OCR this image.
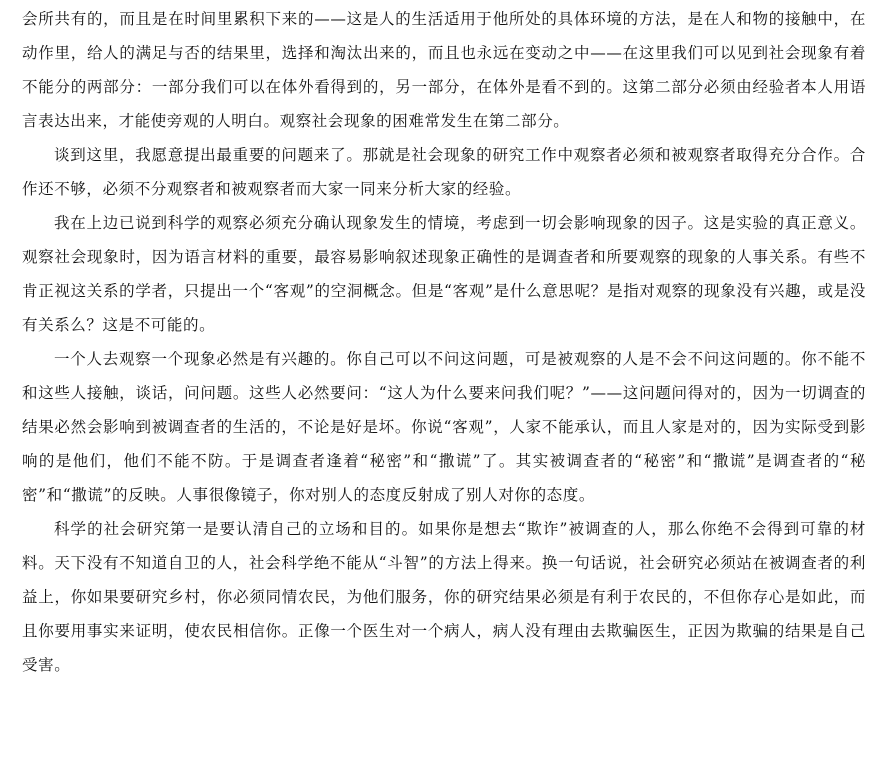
会所共有的，而且是在时间里累积下来的——这是人的生活适用于他所处的具体环境的方法，是在人和物的接触中，在动作里，给人的满足与否的结果里，选择和淘汰出来的，而且也永远在变动之中——在这里我们可以见到社会现象有着不能分的两部分：一部分我们可以在体外看得到的，另一部分，在体外是看不到的。这第二部分必须由经验者本人用语言表达出来，才能使旁观的人明白。观察社会现象的困难常发生在第二部分。

谈到这里，我愿意提出最重要的问题来了。那就是社会现象的研究工作中观察者必须和被观察者取得充分合作。合作还不够，必须不分观察者和被观察者而大家一同来分析大家的经验。

我在上边已说到科学的观察必须充分确认现象发生的情境，考虑到一切会影响现象的因子。这是实验的真正意义。观察社会现象时，因为语言材料的重要，最容易影响叙述现象正确性的是调查者和所要观察的现象的人事关系。有些不肯正视这关系的学者，只提出一个“客观”的空洞概念。但是“客观”是什么意思呢？是指对观察的现象没有兴趣，或是没有关系么？这是不可能的。

一个人去观察一个现象必然是有兴趣的。你自己可以不问这问题，可是被观察的人是不会不问这问题的。你不能不和这些人接触，谈话，问问题。这些人必然要问：“这人为什么要来问我们呢？”——这问题问得对的，因为一切调查的结果必然会影响到被调查者的生活的，不论是好是坏。你说“客观”，人家不能承认，而且人家是对的，因为实际受到影响的是他们，他们不能不防。于是调查者逢着“秘密”和“撒谎”了。其实被调查者的“秘密”和“撒谎”是调查者的“秘密”和“撒谎”的反映。人事很像镜子，你对别人的态度反射成了别人对你的态度。

科学的社会研究第一是要认清自己的立场和目的。如果你是想去“欺诈”被调查的人，那么你绝不会得到可靠的材料。天下没有不知道自卫的人，社会科学绝不能从“斗智”的方法上得来。换一句话说，社会研究必须站在被调查者的利益上，你如果要研究乡村，你必须同情农民，为他们服务，你的研究结果必须是有利于农民的，不但你存心是如此，而且你要用事实来证明，使农民相信你。正像一个医生对一个病人，病人没有理由去欺骗医生，正因为欺骗的结果是自己受害。
